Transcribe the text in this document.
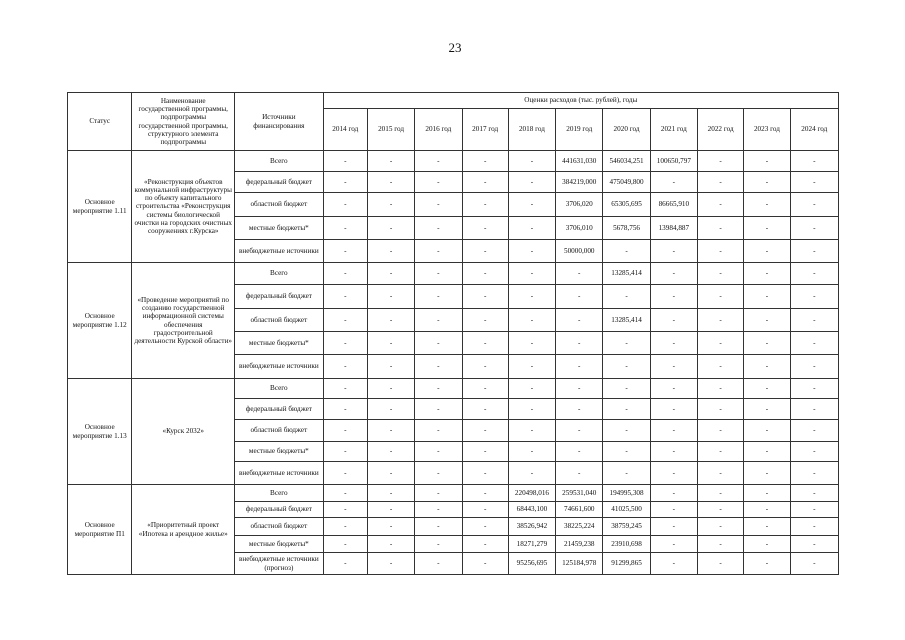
23
Статус	Наименование государственной программы, подпрограммы государственной программы, структурного элемента подпрограммы	Источники финансирования	Оценки расходов (тыс. рублей), годы										
			2014 год	2015 год	2016 год	2017 год	2018 год	2019 год	2020 год	2021 год	2022 год	2023 год	2024 год
Основное мероприятие 1.11	«Реконструкция объектов коммунальной инфраструктуры по объекту капитального строительства «Реконструкция системы биологической очистки на городских очистных сооружениях г.Курска»	Всего	-	-	-	-	-	441631,030	546034,251	100650,797	-	-	-
		федеральный бюджет	-	-	-	-	-	384219,000	475049,800	-	-	-	-
		областной бюджет	-	-	-	-	-	3706,020	65305,695	86665,910	-	-	-
		местные бюджеты*	-	-	-	-	-	3706,010	5678,756	13984,887	-	-	-
		внебюджетные источники	-	-	-	-	-	50000,000	-	-	-	-	-
Основное мероприятие 1.12	«Проведение мероприятий по созданию государственной информационной системы обеспечения градостроительной деятельности Курской области»	Всего	-	-	-	-	-	-	13285,414	-	-	-	-
		федеральный бюджет	-	-	-	-	-	-	-	-	-	-	-
		областной бюджет	-	-	-	-	-	-	13285,414	-	-	-	-
		местные бюджеты*	-	-	-	-	-	-	-	-	-	-	-
		внебюджетные источники	-	-	-	-	-	-	-	-	-	-	-
Основное мероприятие 1.13	«Курск 2032»	Всего	-	-	-	-	-	-	-	-	-	-	-
		федеральный бюджет	-	-	-	-	-	-	-	-	-	-	-
		областной бюджет	-	-	-	-	-	-	-	-	-	-	-
		местные бюджеты*	-	-	-	-	-	-	-	-	-	-	-
		внебюджетные источники	-	-	-	-	-	-	-	-	-	-	-
Основное мероприятие П1	«Приоритетный проект «Ипотека и арендное жилье»	Всего	-	-	-	-	220498,016	259531,040	194995,308	-	-	-	-
		федеральный бюджет	-	-	-	-	68443,100	74661,600	41025,500	-	-	-	-
		областной бюджет	-	-	-	-	38526,942	38225,224	38759,245	-	-	-	-
		местные бюджеты*	-	-	-	-	18271,279	21459,238	23910,698	-	-	-	-
		внебюджетные источники (прогноз)	-	-	-	-	95256,695	125184,978	91299,865	-	-	-	-
